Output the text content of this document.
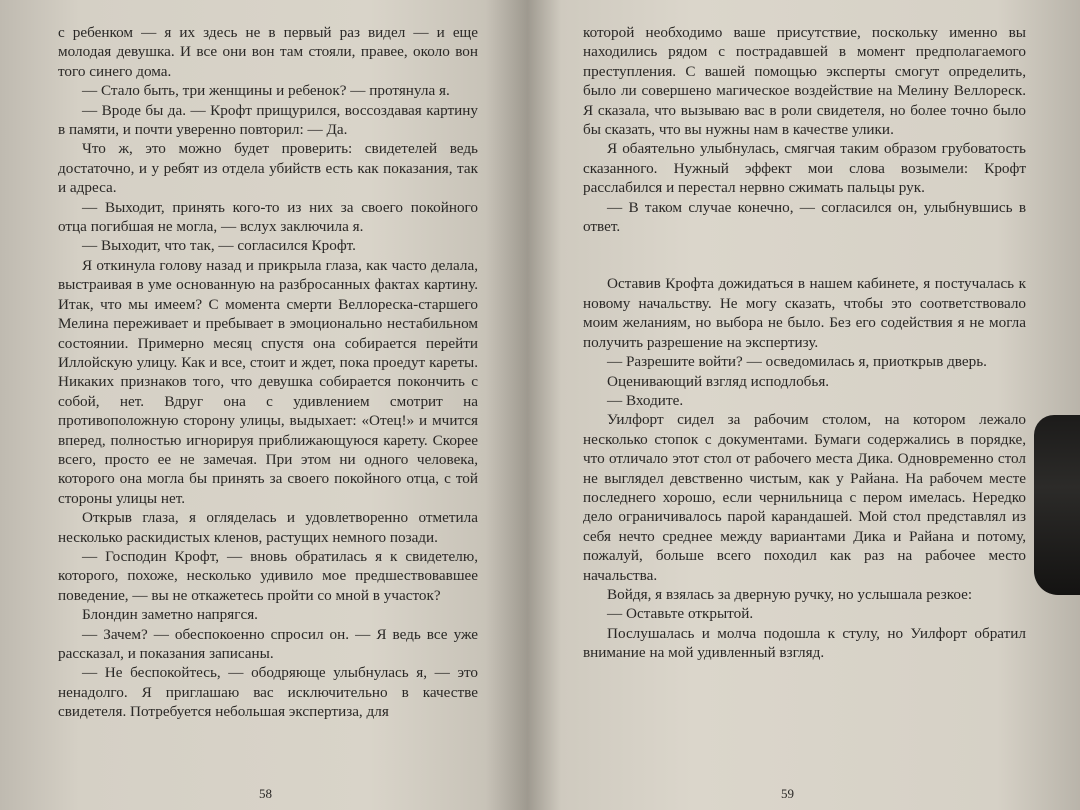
с ребенком — я их здесь не в первый раз видел — и еще молодая девушка. И все они вон там стояли, правее, около вон того синего дома.

— Стало быть, три женщины и ребенок? — протянула я.

— Вроде бы да. — Крофт прищурился, воссоздавая картину в памяти, и почти уверенно повторил: — Да.

Что ж, это можно будет проверить: свидетелей ведь достаточно, и у ребят из отдела убийств есть как показания, так и адреса.

— Выходит, принять кого-то из них за своего покойного отца погибшая не могла, — вслух заключила я.

— Выходит, что так, — согласился Крофт.

Я откинула голову назад и прикрыла глаза, как часто делала, выстраивая в уме основанную на разбросанных фактах картину. Итак, что мы имеем? С момента смерти Веллореска-старшего Мелина переживает и пребывает в эмоционально нестабильном состоянии. Примерно месяц спустя она собирается перейти Иллойскую улицу. Как и все, стоит и ждет, пока проедут кареты. Никаких признаков того, что девушка собирается покончить с собой, нет. Вдруг она с удивлением смотрит на противоположную сторону улицы, выдыхает: «Отец!» и мчится вперед, полностью игнорируя приближающуюся карету. Скорее всего, просто ее не замечая. При этом ни одного человека, которого она могла бы принять за своего покойного отца, с той стороны улицы нет.

Открыв глаза, я огляделась и удовлетворенно отметила несколько раскидистых кленов, растущих немного позади.

— Господин Крофт, — вновь обратилась я к свидетелю, которого, похоже, несколько удивило мое предшествовавшее поведение, — вы не откажетесь пройти со мной в участок?

Блондин заметно напрягся.

— Зачем? — обеспокоенно спросил он. — Я ведь все уже рассказал, и показания записаны.

— Не беспокойтесь, — ободряюще улыбнулась я, — это ненадолго. Я приглашаю вас исключительно в качестве свидетеля. Потребуется небольшая экспертиза, для

58

которой необходимо ваше присутствие, поскольку именно вы находились рядом с пострадавшей в момент предполагаемого преступления. С вашей помощью эксперты смогут определить, было ли совершено магическое воздействие на Мелину Веллореск. Я сказала, что вызываю вас в роли свидетеля, но более точно было бы сказать, что вы нужны нам в качестве улики.

Я обаятельно улыбнулась, смягчая таким образом грубоватость сказанного. Нужный эффект мои слова возымели: Крофт расслабился и перестал нервно сжимать пальцы рук.

— В таком случае конечно, — согласился он, улыбнувшись в ответ.

Оставив Крофта дожидаться в нашем кабинете, я постучалась к новому начальству. Не могу сказать, чтобы это соответствовало моим желаниям, но выбора не было. Без его содействия я не могла получить разрешение на экспертизу.

— Разрешите войти? — осведомилась я, приоткрыв дверь.

Оценивающий взгляд исподлобья.

— Входите.

Уилфорт сидел за рабочим столом, на котором лежало несколько стопок с документами. Бумаги содержались в порядке, что отличало этот стол от рабочего места Дика. Одновременно стол не выглядел девственно чистым, как у Райана. На рабочем месте последнего хорошо, если чернильница с пером имелась. Нередко дело ограничивалось парой карандашей. Мой стол представлял из себя нечто среднее между вариантами Дика и Райана и потому, пожалуй, больше всего походил как раз на рабочее место начальства.

Войдя, я взялась за дверную ручку, но услышала резкое:

— Оставьте открытой.

Послушалась и молча подошла к стулу, но Уилфорт обратил внимание на мой удивленный взгляд.

59
